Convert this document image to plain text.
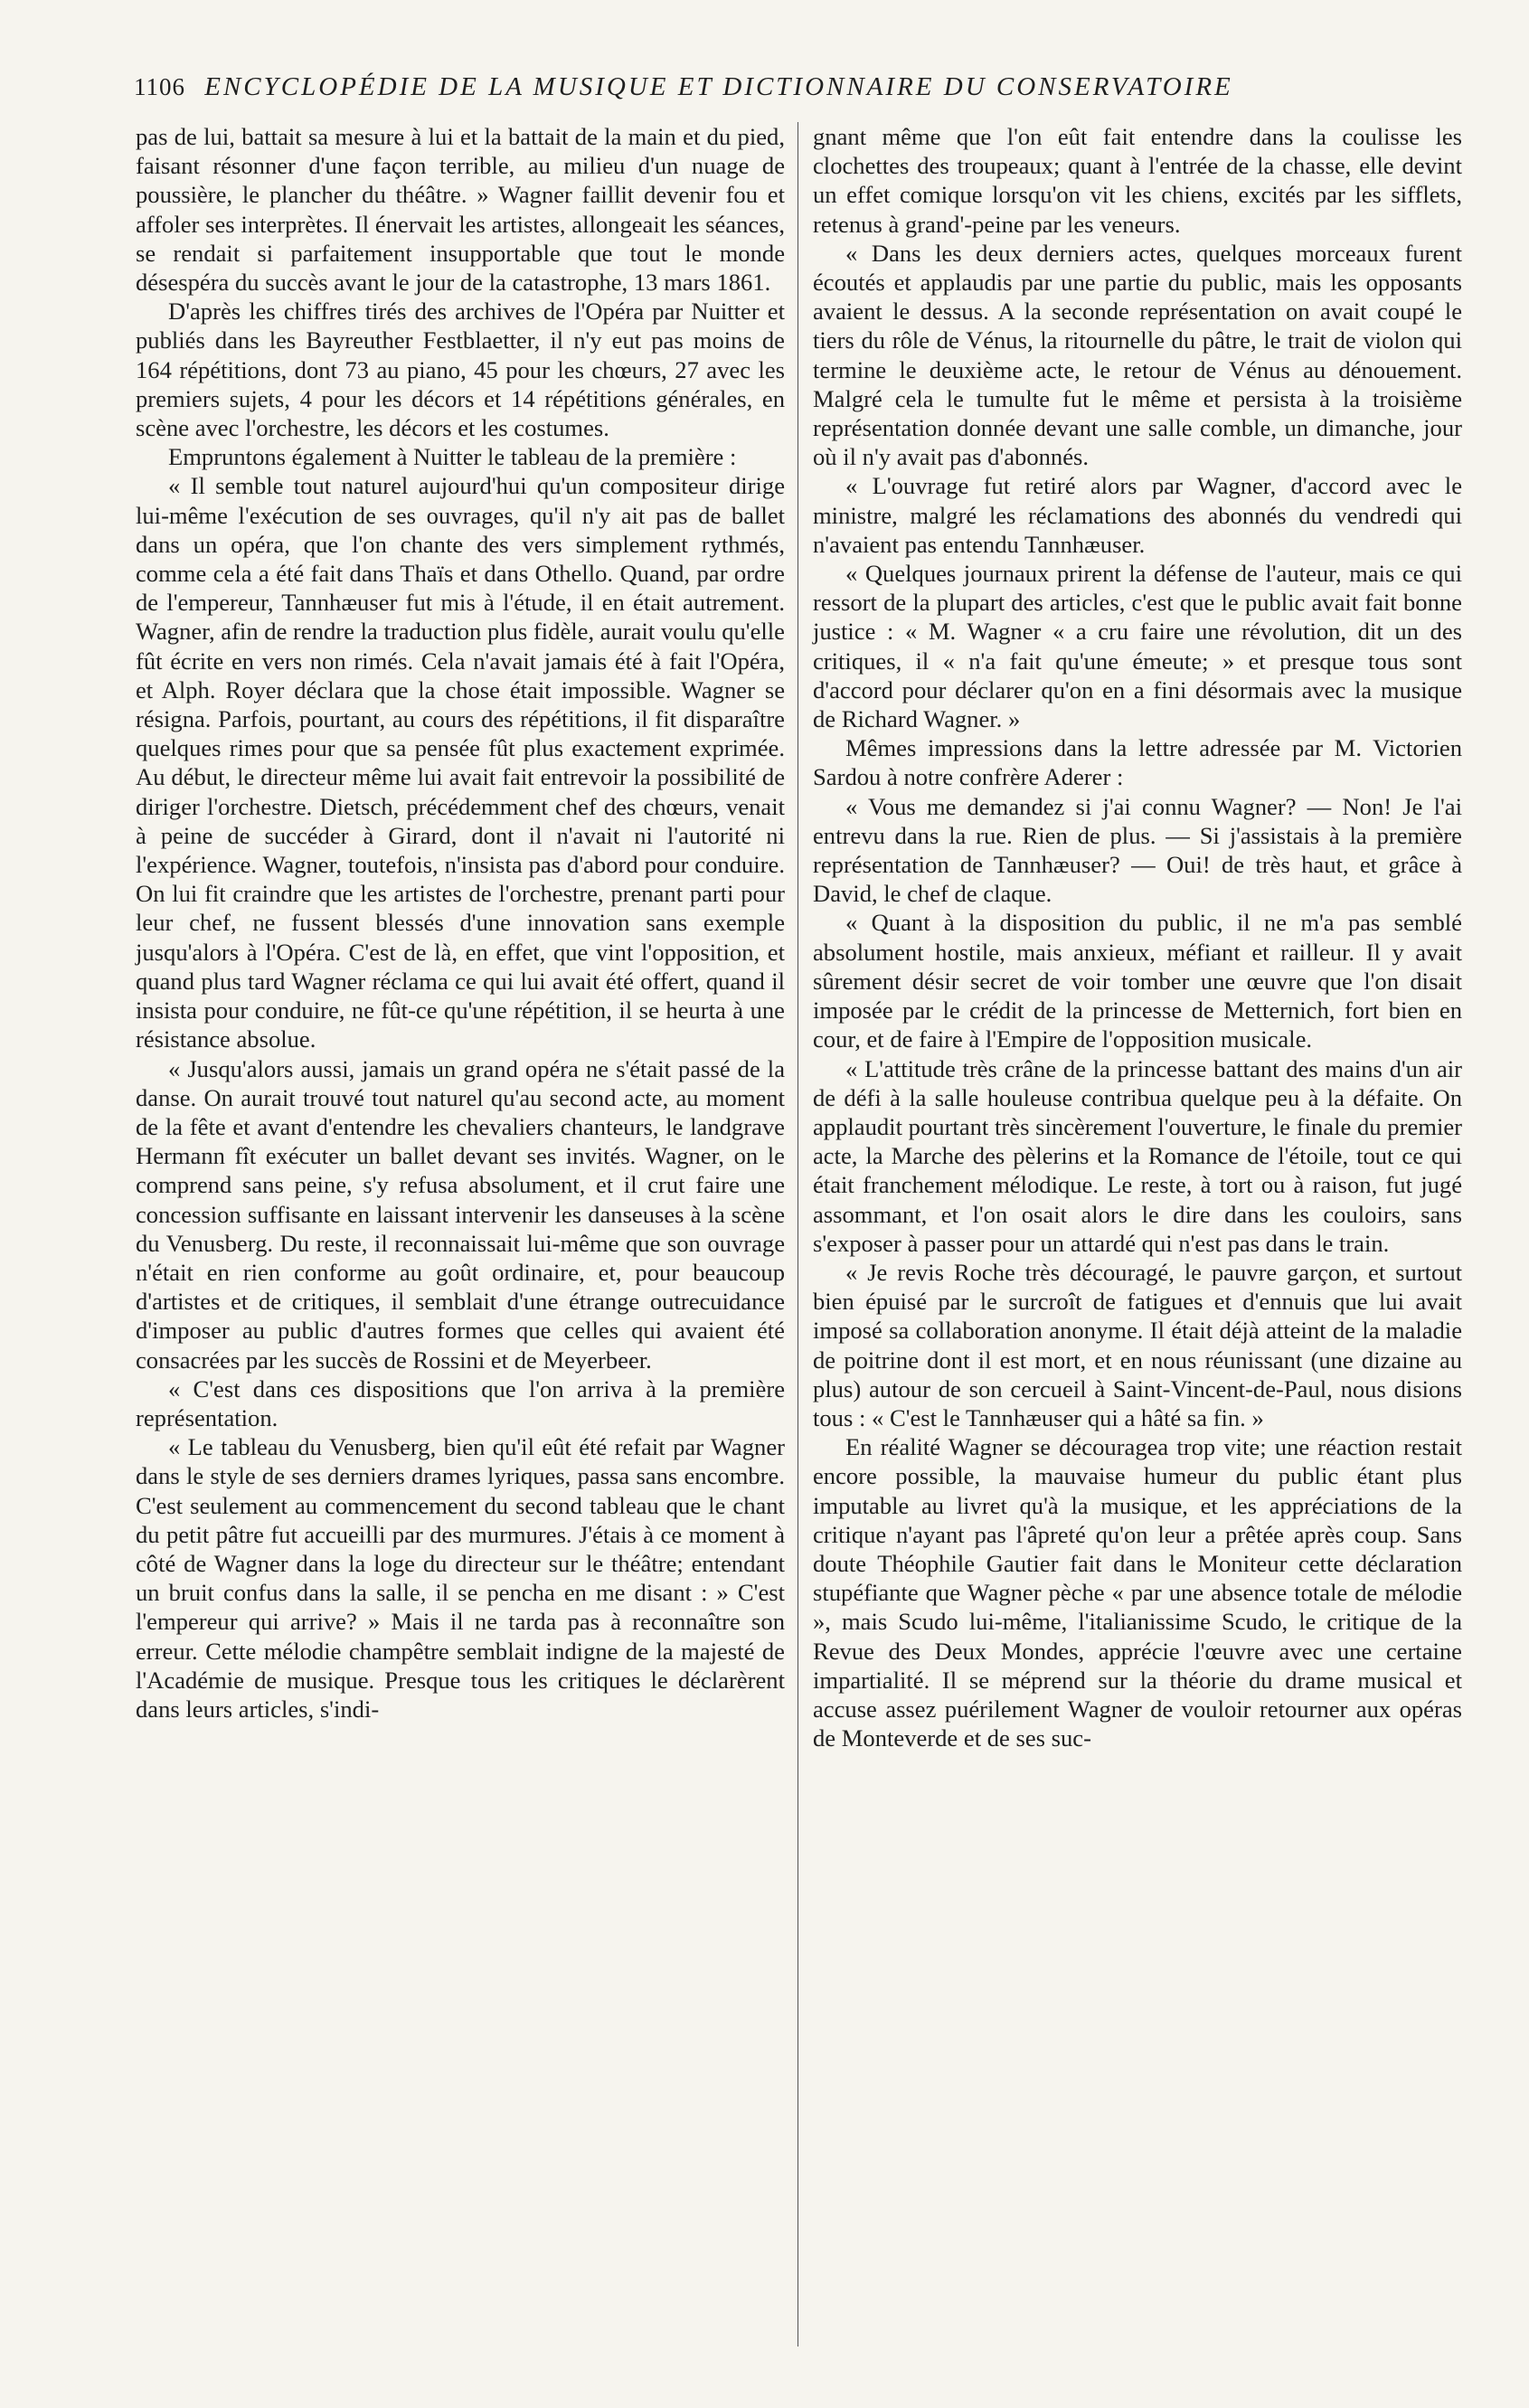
1106 ENCYCLOPÉDIE DE LA MUSIQUE ET DICTIONNAIRE DU CONSERVATOIRE

pas de lui, battait sa mesure à lui et la battait de la main et du pied, faisant résonner d'une façon terrible, au milieu d'un nuage de poussière, le plancher du théâtre. » Wagner faillit devenir fou et affoler ses interprètes. Il énervait les artistes, allongeait les séances, se rendait si parfaitement insupportable que tout le monde désespéra du succès avant le jour de la catastrophe, 13 mars 1861.

D'après les chiffres tirés des archives de l'Opéra par Nuitter et publiés dans les Bayreuther Festblaetter, il n'y eut pas moins de 164 répétitions, dont 73 au piano, 45 pour les chœurs, 27 avec les premiers sujets, 4 pour les décors et 14 répétitions générales, en scène avec l'orchestre, les décors et les costumes.

Empruntons également à Nuitter le tableau de la première :

« Il semble tout naturel aujourd'hui qu'un compositeur dirige lui-même l'exécution de ses ouvrages, qu'il n'y ait pas de ballet dans un opéra, que l'on chante des vers simplement rythmés, comme cela a été fait dans Thaïs et dans Othello. Quand, par ordre de l'empereur, Tannhæuser fut mis à l'étude, il en était autrement. Wagner, afin de rendre la traduction plus fidèle, aurait voulu qu'elle fût écrite en vers non rimés. Cela n'avait jamais été à fait l'Opéra, et Alph. Royer déclara que la chose était impossible. Wagner se résigna. Parfois, pourtant, au cours des répétitions, il fit disparaître quelques rimes pour que sa pensée fût plus exactement exprimée. Au début, le directeur même lui avait fait entrevoir la possibilité de diriger l'orchestre. Dietsch, précédemment chef des chœurs, venait à peine de succéder à Girard, dont il n'avait ni l'autorité ni l'expérience. Wagner, toutefois, n'insista pas d'abord pour conduire. On lui fit craindre que les artistes de l'orchestre, prenant parti pour leur chef, ne fussent blessés d'une innovation sans exemple jusqu'alors à l'Opéra. C'est de là, en effet, que vint l'opposition, et quand plus tard Wagner réclama ce qui lui avait été offert, quand il insista pour conduire, ne fût-ce qu'une répétition, il se heurta à une résistance absolue.

« Jusqu'alors aussi, jamais un grand opéra ne s'était passé de la danse. On aurait trouvé tout naturel qu'au second acte, au moment de la fête et avant d'entendre les chevaliers chanteurs, le landgrave Hermann fît exécuter un ballet devant ses invités. Wagner, on le comprend sans peine, s'y refusa absolument, et il crut faire une concession suffisante en laissant intervenir les danseuses à la scène du Venusberg. Du reste, il reconnaissait lui-même que son ouvrage n'était en rien conforme au goût ordinaire, et, pour beaucoup d'artistes et de critiques, il semblait d'une étrange outrecuidance d'imposer au public d'autres formes que celles qui avaient été consacrées par les succès de Rossini et de Meyerbeer.

« C'est dans ces dispositions que l'on arriva à la première représentation.

« Le tableau du Venusberg, bien qu'il eût été refait par Wagner dans le style de ses derniers drames lyriques, passa sans encombre. C'est seulement au commencement du second tableau que le chant du petit pâtre fut accueilli par des murmures. J'étais à ce moment à côté de Wagner dans la loge du directeur sur le théâtre; entendant un bruit confus dans la salle, il se pencha en me disant : » C'est l'empereur qui arrive? » Mais il ne tarda pas à reconnaître son erreur. Cette mélodie champêtre semblait indigne de la majesté de l'Académie de musique. Presque tous les critiques le déclarèrent dans leurs articles, s'indi-

gnant même que l'on eût fait entendre dans la coulisse les clochettes des troupeaux; quant à l'entrée de la chasse, elle devint un effet comique lorsqu'on vit les chiens, excités par les sifflets, retenus à grand'-peine par les veneurs.

« Dans les deux derniers actes, quelques morceaux furent écoutés et applaudis par une partie du public, mais les opposants avaient le dessus. A la seconde représentation on avait coupé le tiers du rôle de Vénus, la ritournelle du pâtre, le trait de violon qui termine le deuxième acte, le retour de Vénus au dénouement. Malgré cela le tumulte fut le même et persista à la troisième représentation donnée devant une salle comble, un dimanche, jour où il n'y avait pas d'abonnés.

« L'ouvrage fut retiré alors par Wagner, d'accord avec le ministre, malgré les réclamations des abonnés du vendredi qui n'avaient pas entendu Tannhæuser.

« Quelques journaux prirent la défense de l'auteur, mais ce qui ressort de la plupart des articles, c'est que le public avait fait bonne justice : « M. Wagner « a cru faire une révolution, dit un des critiques, il « n'a fait qu'une émeute; » et presque tous sont d'accord pour déclarer qu'on en a fini désormais avec la musique de Richard Wagner. »

Mêmes impressions dans la lettre adressée par M. Victorien Sardou à notre confrère Aderer :

« Vous me demandez si j'ai connu Wagner? — Non! Je l'ai entrevu dans la rue. Rien de plus. — Si j'assistais à la première représentation de Tannhæuser? — Oui! de très haut, et grâce à David, le chef de claque.

« Quant à la disposition du public, il ne m'a pas semblé absolument hostile, mais anxieux, méfiant et railleur. Il y avait sûrement désir secret de voir tomber une œuvre que l'on disait imposée par le crédit de la princesse de Metternich, fort bien en cour, et de faire à l'Empire de l'opposition musicale.

« L'attitude très crâne de la princesse battant des mains d'un air de défi à la salle houleuse contribua quelque peu à la défaite. On applaudit pourtant très sincèrement l'ouverture, le finale du premier acte, la Marche des pèlerins et la Romance de l'étoile, tout ce qui était franchement mélodique. Le reste, à tort ou à raison, fut jugé assommant, et l'on osait alors le dire dans les couloirs, sans s'exposer à passer pour un attardé qui n'est pas dans le train.

« Je revis Roche très découragé, le pauvre garçon, et surtout bien épuisé par le surcroît de fatigues et d'ennuis que lui avait imposé sa collaboration anonyme. Il était déjà atteint de la maladie de poitrine dont il est mort, et en nous réunissant (une dizaine au plus) autour de son cercueil à Saint-Vincent-de-Paul, nous disions tous : « C'est le Tannhæuser qui a hâté sa fin. »

En réalité Wagner se découragea trop vite; une réaction restait encore possible, la mauvaise humeur du public étant plus imputable au livret qu'à la musique, et les appréciations de la critique n'ayant pas l'âpreté qu'on leur a prêtée après coup. Sans doute Théophile Gautier fait dans le Moniteur cette déclaration stupéfiante que Wagner pèche « par une absence totale de mélodie », mais Scudo lui-même, l'italianissime Scudo, le critique de la Revue des Deux Mondes, apprécie l'œuvre avec une certaine impartialité. Il se méprend sur la théorie du drame musical et accuse assez puérilement Wagner de vouloir retourner aux opéras de Monteverde et de ses suc-
